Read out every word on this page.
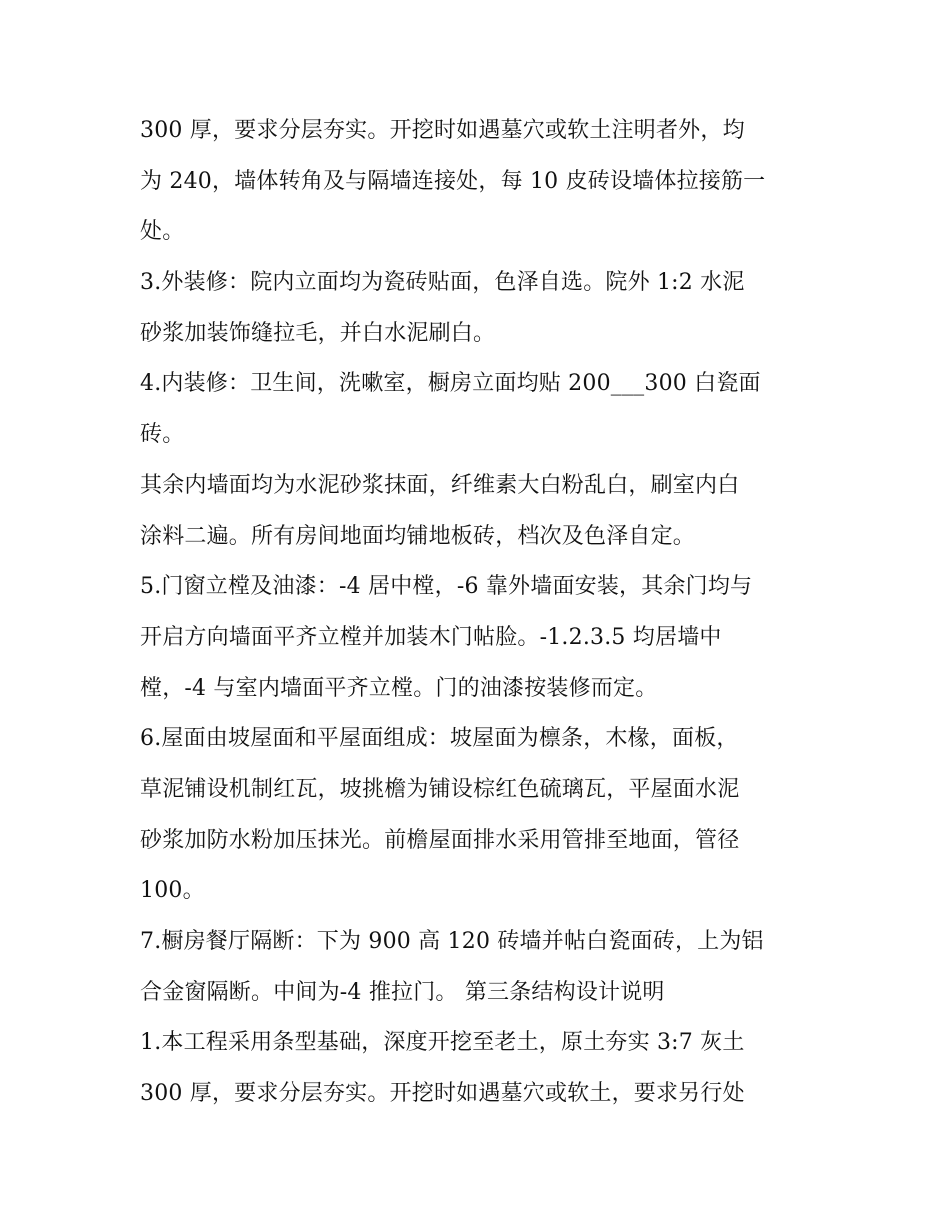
300 厚，要求分层夯实。开挖时如遇墓穴或软土注明者外，均
为 240，墙体转角及与隔墙连接处，每 10 皮砖设墙体拉接筋一
处。
3.外装修：院内立面均为瓷砖贴面，色泽自选。院外 1:2 水泥
砂浆加装饰缝拉毛，并白水泥刷白。
4.内装修：卫生间，洗嗽室，橱房立面均贴 200___300 白瓷面
砖。
其余内墙面均为水泥砂浆抹面，纤维素大白粉乱白，刷室内白
涂料二遍。所有房间地面均铺地板砖，档次及色泽自定。
5.门窗立樘及油漆：-4 居中樘，-6 靠外墙面安装，其余门均与
开启方向墙面平齐立樘并加装木门帖脸。-1.2.3.5 均居墙中
樘，-4 与室内墙面平齐立樘。门的油漆按装修而定。
6.屋面由坡屋面和平屋面组成：坡屋面为檩条，木椽，面板，
草泥铺设机制红瓦，坡挑檐为铺设棕红色硫璃瓦，平屋面水泥
砂浆加防水粉加压抹光。前檐屋面排水采用管排至地面，管径
100。
7.橱房餐厅隔断：下为 900 高 120 砖墙并帖白瓷面砖，上为铝
合金窗隔断。中间为-4 推拉门。 第三条结构设计说明
1.本工程采用条型基础，深度开挖至老土，原土夯实 3:7 灰土
300 厚，要求分层夯实。开挖时如遇墓穴或软土，要求另行处
